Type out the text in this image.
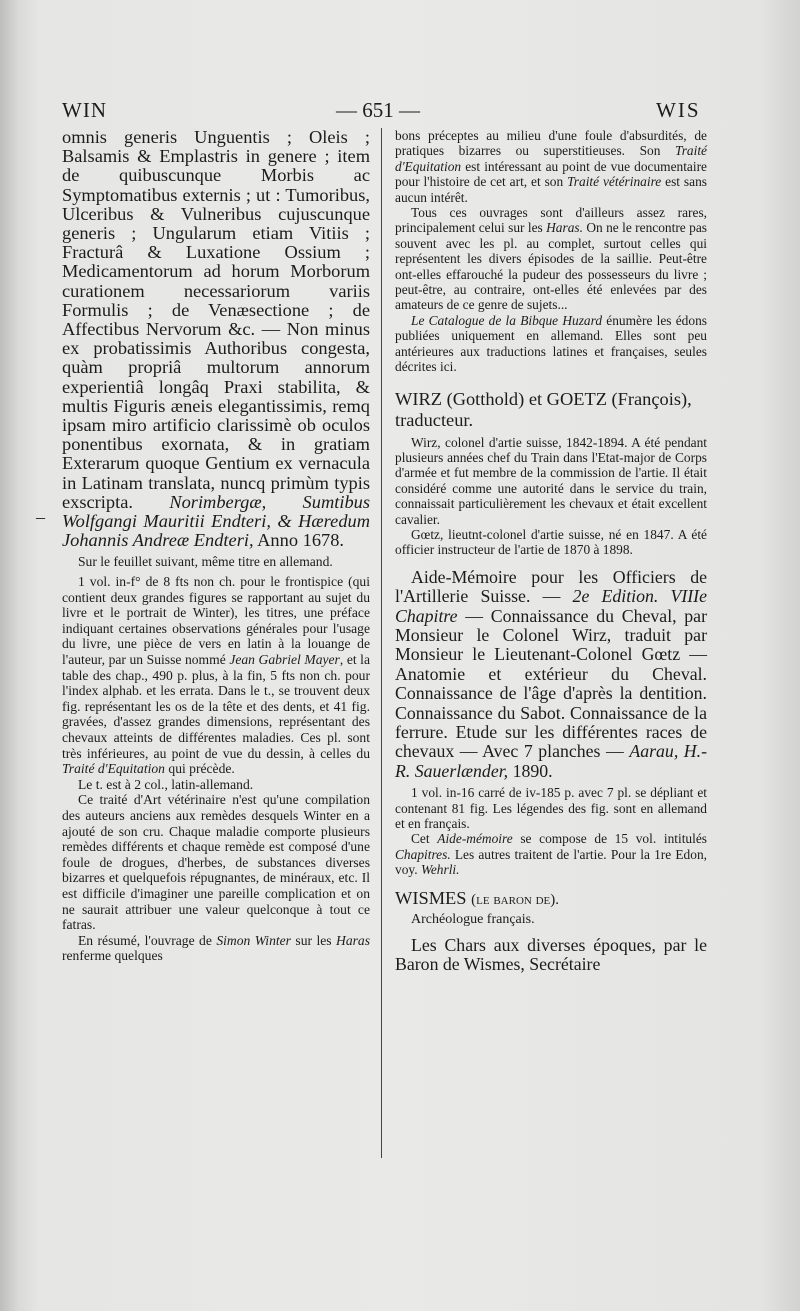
WIN	— 651 —	WIS
–

omnis generis Unguentis ; Oleis ; Balsamis & Emplastris in genere ; item de quibuscunque Morbis ac Symptomatibus externis ; ut : Tumoribus, Ulceribus & Vulneribus cujuscunque generis ; Ungularum etiam Vitiis ; Fracturâ & Luxatione Ossium ; Medicamentorum ad horum Morborum curationem necessariorum variis Formulis ; de Venæsectione ; de Affectibus Nervorum &c. — Non minus ex probatissimis Authoribus congesta, quàm propriâ multorum annorum experientiâ longâq Praxi stabilita, & multis Figuris æneis elegantissimis, remq ipsam miro artificio clarissimè ob oculos ponentibus exornata, & in gratiam Exterarum quoque Gentium ex vernacula in Latinam translata, nuncq primùm typis exscripta. Norimbergæ, Sumtibus Wolfgangi Mauritii Endteri, & Hæredum Johannis Andreæ Endteri, Anno 1678.

Sur le feuillet suivant, même titre en allemand.

1 vol. in-f° de 8 fts non ch. pour le frontispice (qui contient deux grandes figures se rapportant au sujet du livre et le portrait de Winter), les titres, une préface indiquant certaines observations générales pour l'usage du livre, une pièce de vers en latin à la louange de l'auteur, par un Suisse nommé Jean Gabriel Mayer, et la table des chap., 490 p. plus, à la fin, 5 fts non ch. pour l'index alphab. et les errata. Dans le t., se trouvent deux fig. représentant les os de la tête et des dents, et 41 fig. gravées, d'assez grandes dimensions, représentant des chevaux atteints de différentes maladies. Ces pl. sont très inférieures, au point de vue du dessin, à celles du Traité d'Equitation qui précède.

Le t. est à 2 col., latin-allemand.

Ce traité d'Art vétérinaire n'est qu'une compilation des auteurs anciens aux remèdes desquels Winter en a ajouté de son cru. Chaque maladie comporte plusieurs remèdes différents et chaque remède est composé d'une foule de drogues, d'herbes, de substances diverses bizarres et quelquefois répugnantes, de minéraux, etc. Il est difficile d'imaginer une pareille complication et on ne saurait attribuer une valeur quelconque à tout ce fatras.

En résumé, l'ouvrage de Simon Winter sur les Haras renferme quelques

bons préceptes au milieu d'une foule d'absurdités, de pratiques bizarres ou superstitieuses. Son Traité d'Equitation est intéressant au point de vue documentaire pour l'histoire de cet art, et son Traité vétérinaire est sans aucun intérêt.

Tous ces ouvrages sont d'ailleurs assez rares, principalement celui sur les Haras. On ne le rencontre pas souvent avec les pl. au complet, surtout celles qui représentent les divers épisodes de la saillie. Peut-être ont-elles effarouché la pudeur des possesseurs du livre ; peut-être, au contraire, ont-elles été enlevées par des amateurs de ce genre de sujets...

Le Catalogue de la Bibque Huzard énumère les édons publiées uniquement en allemand. Elles sont peu antérieures aux traductions latines et françaises, seules décrites ici.

WIRZ (Gotthold) et GOETZ (François), traducteur.

Wirz, colonel d'artie suisse, 1842-1894. A été pendant plusieurs années chef du Train dans l'Etat-major de Corps d'armée et fut membre de la commission de l'artie. Il était considéré comme une autorité dans le service du train, connaissait particulièrement les chevaux et était excellent cavalier.

Gœtz, lieutnt-colonel d'artie suisse, né en 1847. A été officier instructeur de l'artie de 1870 à 1898.

Aide-Mémoire pour les Officiers de l'Artillerie Suisse. — 2e Edition. VIIIe Chapitre — Connaissance du Cheval, par Monsieur le Colonel Wirz, traduit par Monsieur le Lieutenant-Colonel Gœtz — Anatomie et extérieur du Cheval. Connaissance de l'âge d'après la dentition. Connaissance du Sabot. Connaissance de la ferrure. Etude sur les différentes races de chevaux — Avec 7 planches — Aarau, H.-R. Sauerlænder, 1890.

1 vol. in-16 carré de iv-185 p. avec 7 pl. se dépliant et contenant 81 fig. Les légendes des fig. sont en allemand et en français.

Cet Aide-mémoire se compose de 15 vol. intitulés Chapitres. Les autres traitent de l'artie. Pour la 1re Edon, voy. Wehrli.

WISMES (le baron de).

Archéologue français.

Les Chars aux diverses époques, par le Baron de Wismes, Secrétaire
